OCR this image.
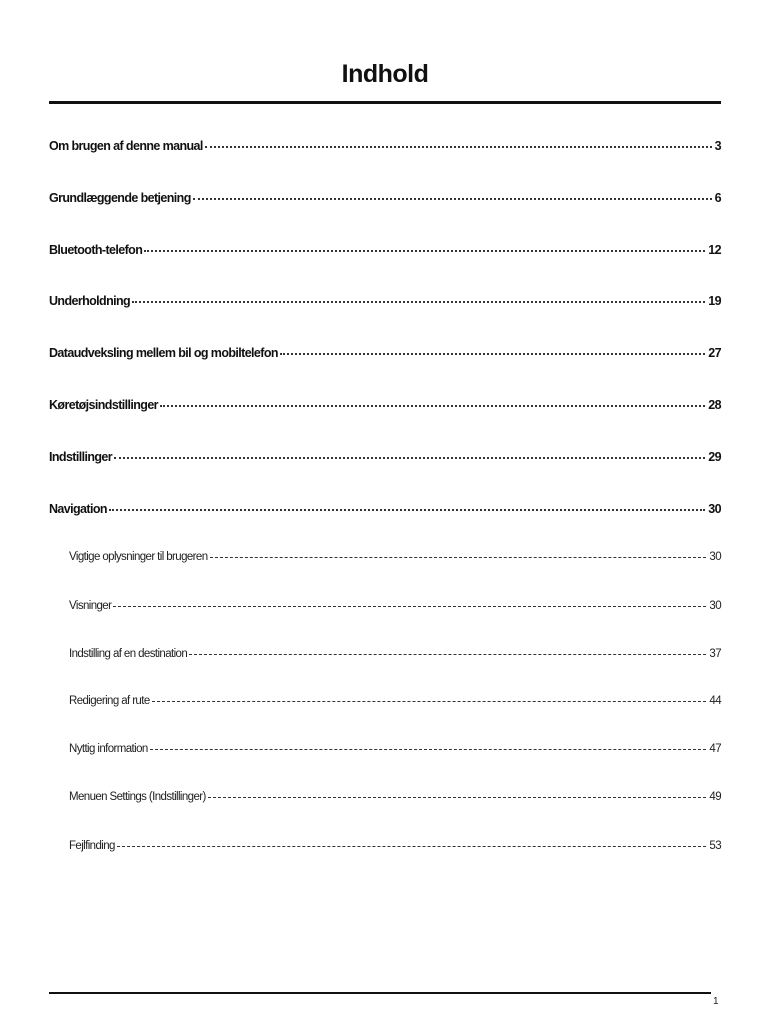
Indhold
Om brugen af denne manual	3
Grundlæggende betjening	6
Bluetooth-telefon	12
Underholdning	19
Dataudveksling mellem bil og mobiltelefon	27
Køretøjsindstillinger	28
Indstillinger	29
Navigation	30
Vigtige oplysninger til brugeren	30
Visninger	30
Indstilling af en destination	37
Redigering af rute	44
Nyttig information	47
Menuen Settings (Indstillinger)	49
Fejlfinding	53
1
